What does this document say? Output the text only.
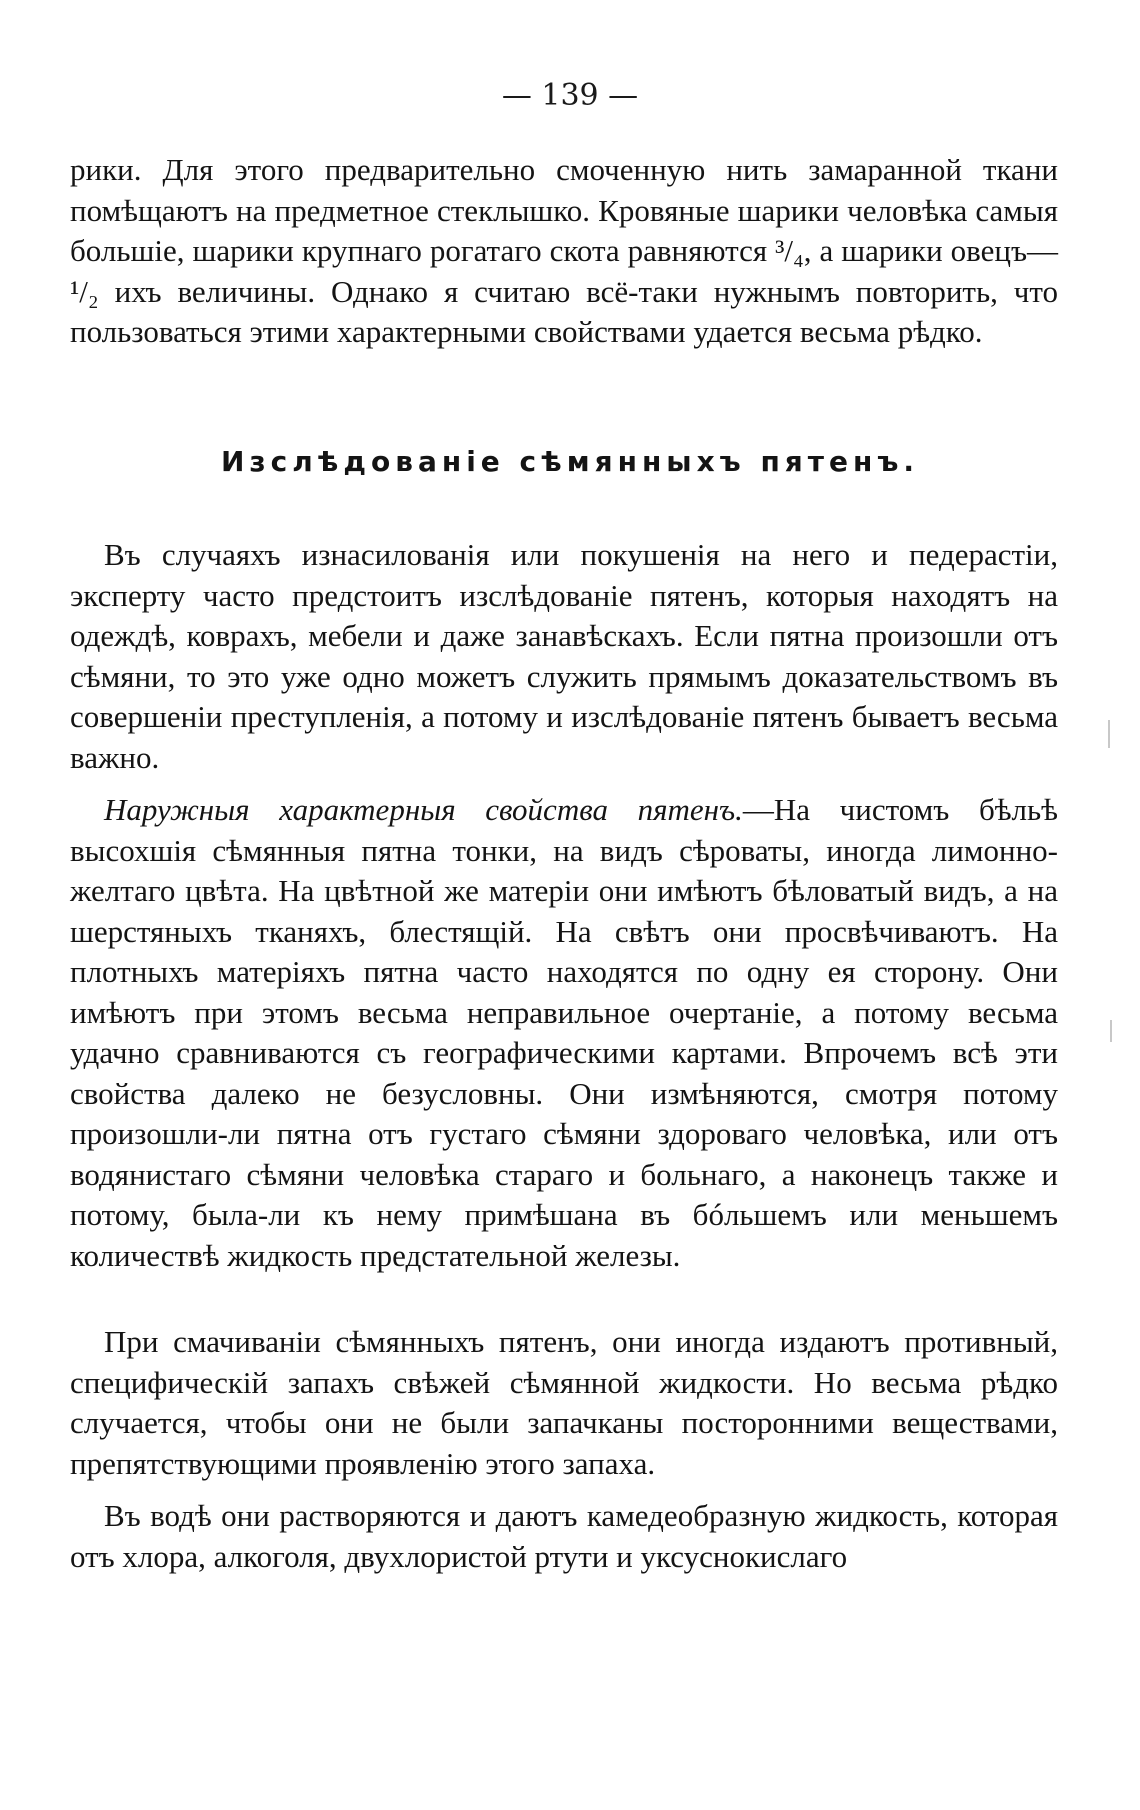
— 139 —
рики. Для этого предварительно смоченную нить замаранной ткани помѣщаютъ на предметное стеклышко. Кровяные шарики человѣка самыя большіе, шарики крупнаго рогатаго скота равняются ³/₄, а шарики овецъ—¹/₂ ихъ величины. Однако я считаю всё-таки нужнымъ повторить, что пользоваться этими характерными свойствами удается весьма рѣдко.
Изслѣдованіе сѣмянныхъ пятенъ.

Въ случаяхъ изнасилованія или покушенія на него и педерастіи, эксперту часто предстоитъ изслѣдованіе пятенъ, которыя находятъ на одеждѣ, коврахъ, мебели и даже занавѣскахъ. Если пятна произошли отъ сѣмяни, то это уже одно можетъ служить прямымъ доказательствомъ въ совершеніи преступленія, а потому и изслѣдованіе пятенъ бываетъ весьма важно.

Наружныя характерныя свойства пятенъ.—На чистомъ бѣльѣ высохшія сѣмянныя пятна тонки, на видъ сѣроваты, иногда лимонно-желтаго цвѣта. На цвѣтной же матеріи они имѣютъ бѣловатый видъ, а на шерстяныхъ тканяхъ, блестящій. На свѣтъ они просвѣчиваютъ. На плотныхъ матеріяхъ пятна часто находятся по одну ея сторону. Они имѣютъ при этомъ весьма неправильное очертаніе, а потому весьма удачно сравниваются съ географическими картами. Впрочемъ всѣ эти свойства далеко не безусловны. Они измѣняются, смотря потому произошли-ли пятна отъ густаго сѣмяни здороваго человѣка, или отъ водянистаго сѣмяни человѣка стараго и больнаго, а наконецъ также и потому, была-ли къ нему примѣшана въ бóльшемъ или меньшемъ количествѣ жидкость предстательной железы.

При смачиваніи сѣмянныхъ пятенъ, они иногда издаютъ противный, специфическій запахъ свѣжей сѣмянной жидкости. Но весьма рѣдко случается, чтобы они не были запачканы посторонними веществами, препятствующими проявленію этого запаха.

Въ водѣ они растворяются и даютъ камедеобразную жидкость, которая отъ хлора, алкоголя, двухлористой ртути и уксуснокислаго
